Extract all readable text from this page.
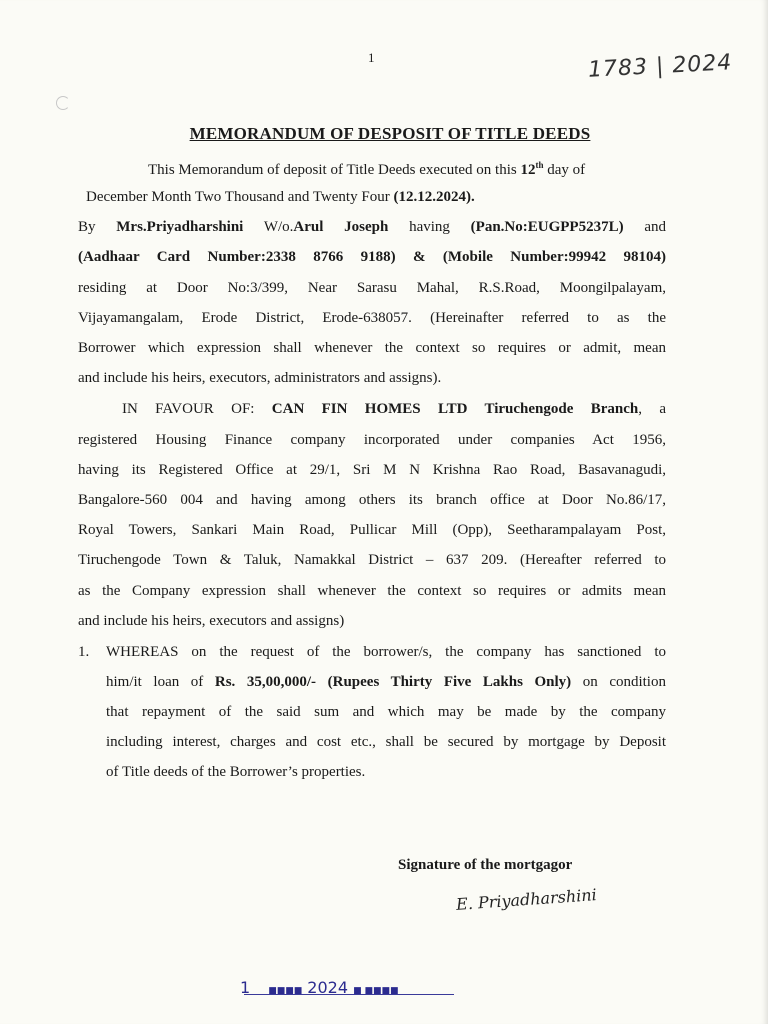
1	1783 | 2024
MEMORANDUM OF DESPOSIT OF TITLE DEEDS
This Memorandum of deposit of Title Deeds executed on this 12th day of
December Month Two Thousand and Twenty Four (12.12.2024).
By Mrs.Priyadharshini W/o.Arul Joseph having (Pan.No:EUGPP5237L) and
(Aadhaar Card Number:2338 8766 9188) & (Mobile Number:99942 98104)
residing at Door No:3/399, Near Sarasu Mahal, R.S.Road, Moongilpalayam,
Vijayamangalam, Erode District, Erode-638057. (Hereinafter referred to as the
Borrower which expression shall whenever the context so requires or admit, mean
and include his heirs, executors, administrators and assigns).
IN FAVOUR OF: CAN FIN HOMES LTD Tiruchengode Branch, a
registered Housing Finance company incorporated under companies Act 1956,
having its Registered Office at 29/1, Sri M N Krishna Rao Road, Basavanagudi,
Bangalore-560 004 and having among others its branch office at Door No.86/17,
Royal Towers, Sankari Main Road, Pullicar Mill (Opp), Seetharampalayam Post,
Tiruchengode Town & Taluk, Namakkal District – 637 209. (Hereafter referred to
as the Company expression shall whenever the context so requires or admits mean
and include his heirs, executors and assigns)
1. WHEREAS on the request of the borrower/s, the company has sanctioned to
him/it loan of Rs. 35,00,000/- (Rupees Thirty Five Lakhs Only) on condition
that repayment of the said sum and which may be made by the company
including interest, charges and cost etc., shall be secured by mortgage by Deposit
of Title deeds of the Borrower’s properties.
Signature of the mortgagor
E. Priyadharshini
1 ■■■■ 2024 ■ ■■■■
